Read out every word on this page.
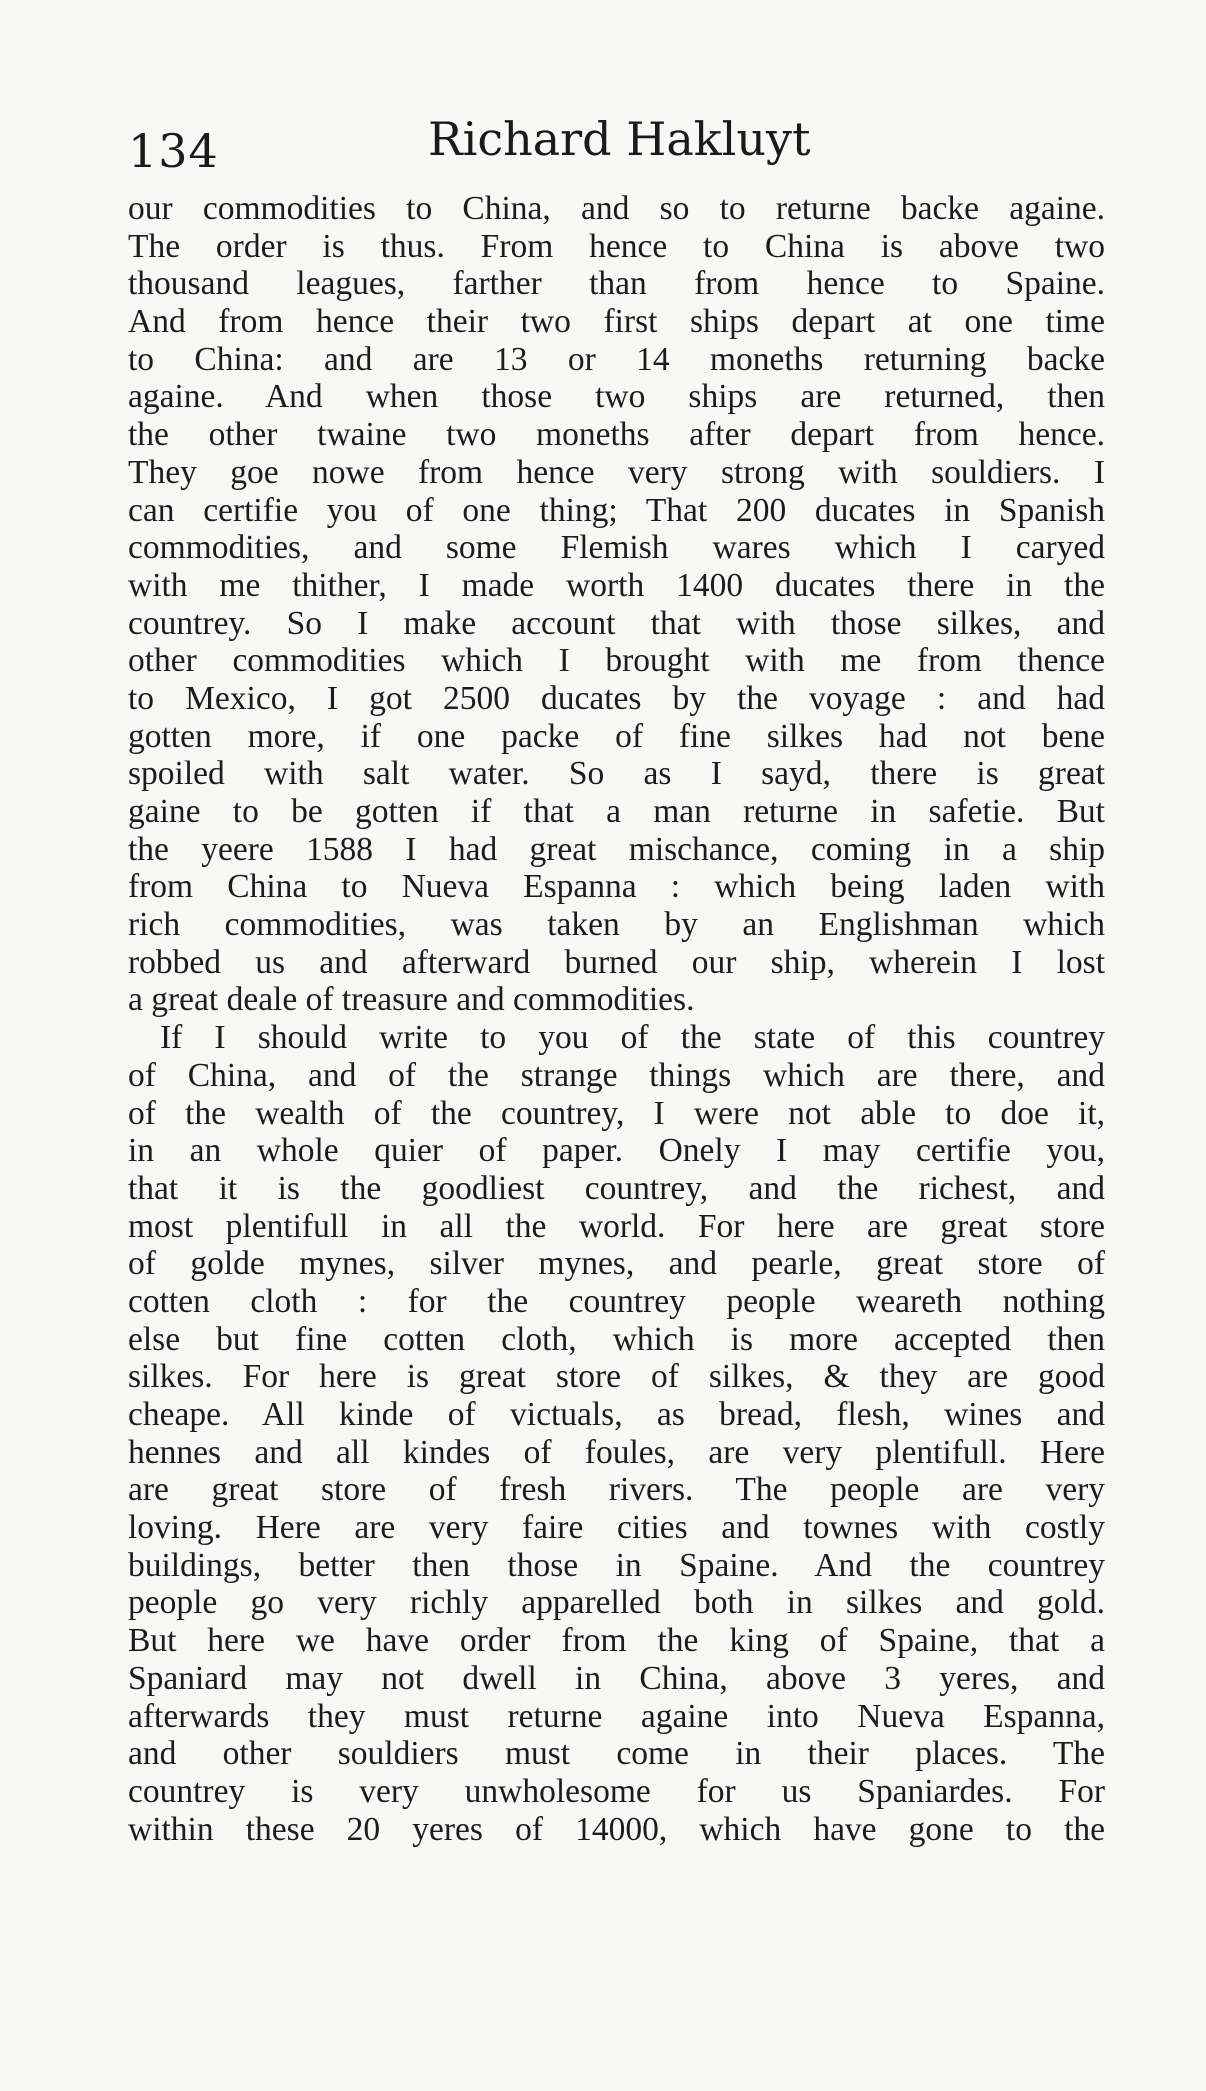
134	Richard Hakluyt
our commodities to China, and so to returne backe againe.
The order is thus. From hence to China is above two
thousand leagues, farther than from hence to Spaine.
And from hence their two first ships depart at one time
to China: and are 13 or 14 moneths returning backe
againe. And when those two ships are returned, then
the other twaine two moneths after depart from hence.
They goe nowe from hence very strong with souldiers. I
can certifie you of one thing; That 200 ducates in Spanish
commodities, and some Flemish wares which I caryed
with me thither, I made worth 1400 ducates there in the
countrey. So I make account that with those silkes, and
other commodities which I brought with me from thence
to Mexico, I got 2500 ducates by the voyage : and had
gotten more, if one packe of fine silkes had not bene
spoiled with salt water. So as I sayd, there is great
gaine to be gotten if that a man returne in safetie. But
the yeere 1588 I had great mischance, coming in a ship
from China to Nueva Espanna : which being laden with
rich commodities, was taken by an Englishman which
robbed us and afterward burned our ship, wherein I lost
a great deale of treasure and commodities.
If I should write to you of the state of this countrey
of China, and of the strange things which are there, and
of the wealth of the countrey, I were not able to doe it,
in an whole quier of paper. Onely I may certifie you,
that it is the goodliest countrey, and the richest, and
most plentifull in all the world. For here are great store
of golde mynes, silver mynes, and pearle, great store of
cotten cloth : for the countrey people weareth nothing
else but fine cotten cloth, which is more accepted then
silkes. For here is great store of silkes, & they are good
cheape. All kinde of victuals, as bread, flesh, wines and
hennes and all kindes of foules, are very plentifull. Here
are great store of fresh rivers. The people are very
loving. Here are very faire cities and townes with costly
buildings, better then those in Spaine. And the countrey
people go very richly apparelled both in silkes and gold.
But here we have order from the king of Spaine, that a
Spaniard may not dwell in China, above 3 yeres, and
afterwards they must returne againe into Nueva Espanna,
and other souldiers must come in their places. The
countrey is very unwholesome for us Spaniardes. For
within these 20 yeres of 14000, which have gone to the
